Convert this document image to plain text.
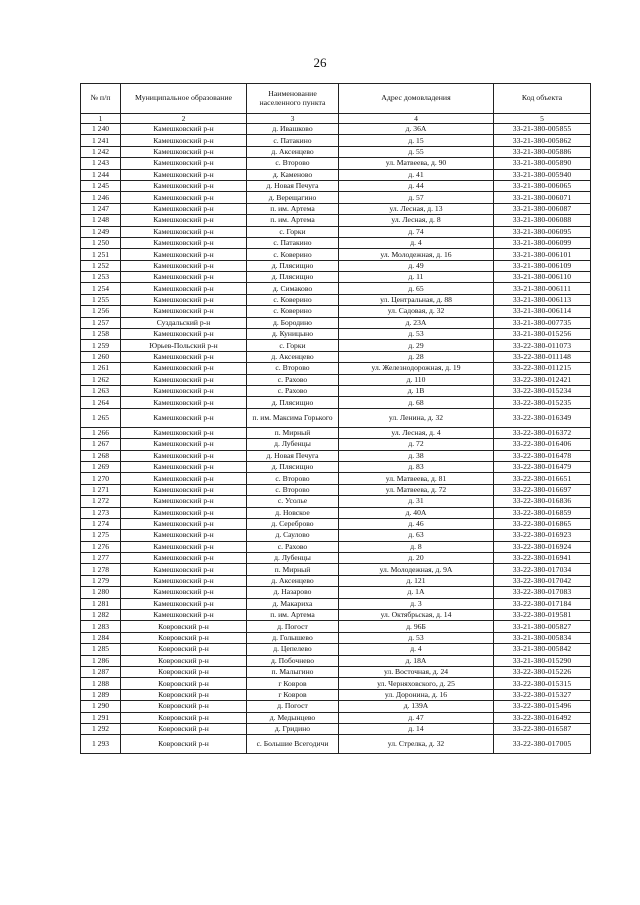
26
№ п/п	Муниципальное образование	Наименование населенного пункта	Адрес домовладения	Код объекта
1	2	3	4	5
1 240	Камешковский р-н	д. Ивашково	д. 36А	33-21-380-005855
1 241	Камешковский р-н	с. Патакино	д. 15	33-21-380-005862
1 242	Камешковский р-н	д. Аксенцево	д. 55	33-21-380-005886
1 243	Камешковский р-н	с. Второво	ул. Матвеева, д. 90	33-21-380-005890
1 244	Камешковский р-н	д. Каменово	д. 41	33-21-380-005940
1 245	Камешковский р-н	д. Новая Печуга	д. 44	33-21-380-006065
1 246	Камешковский р-н	д. Верещагино	д. 57	33-21-380-006071
1 247	Камешковский р-н	п. им. Артема	ул. Лесная, д. 13	33-21-380-006087
1 248	Камешковский р-н	п. им. Артема	ул. Лесная, д. 8	33-21-380-006088
1 249	Камешковский р-н	с. Горки	д. 74	33-21-380-006095
1 250	Камешковский р-н	с. Патакино	д. 4	33-21-380-006099
1 251	Камешковский р-н	с. Коверино	ул. Молодежная, д. 16	33-21-380-006101
1 252	Камешковский р-н	д. Плясищно	д. 49	33-21-380-006109
1 253	Камешковский р-н	д. Плясищно	д. 11	33-21-380-006110
1 254	Камешковский р-н	д. Симаково	д. 65	33-21-380-006111
1 255	Камешковский р-н	с. Коверино	ул. Центральная, д. 88	33-21-380-006113
1 256	Камешковский р-н	с. Коверино	ул. Садовая, д. 32	33-21-380-006114
1 257	Суздальский р-н	д. Бородино	д. 23А	33-21-380-007735
1 258	Камешковский р-н	д. Куницыно	д. 53	33-21-380-015256
1 259	Юрьев-Польский р-н	с. Горки	д. 29	33-22-380-011073
1 260	Камешковский р-н	д. Аксенцево	д. 28	33-22-380-011148
1 261	Камешковский р-н	с. Второво	ул. Железнодорожная, д. 19	33-22-380-011215
1 262	Камешковский р-н	с. Рахово	д. 110	33-22-380-012421
1 263	Камешковский р-н	с. Рахово	д. 1В	33-22-380-015234
1 264	Камешковский р-н	д. Плясищно	д. 68	33-22-380-015235
1 265	Камешковский р-н	п. им. Максима Горького	ул. Ленина, д. 32	33-22-380-016349
1 266	Камешковский р-н	п. Мирный	ул. Лесная, д. 4	33-22-380-016372
1 267	Камешковский р-н	д. Лубенцы	д. 72	33-22-380-016406
1 268	Камешковский р-н	д. Новая Печуга	д. 38	33-22-380-016478
1 269	Камешковский р-н	д. Плясищно	д. 83	33-22-380-016479
1 270	Камешковский р-н	с. Второво	ул. Матвеева, д. 81	33-22-380-016651
1 271	Камешковский р-н	с. Второво	ул. Матвеева, д. 72	33-22-380-016697
1 272	Камешковский р-н	с. Усолье	д. 31	33-22-380-016836
1 273	Камешковский р-н	д. Новское	д. 40А	33-22-380-016859
1 274	Камешковский р-н	д. Сереброво	д. 46	33-22-380-016865
1 275	Камешковский р-н	д. Саулово	д. 63	33-22-380-016923
1 276	Камешковский р-н	с. Рахово	д. 8	33-22-380-016924
1 277	Камешковский р-н	д. Лубенцы	д. 20	33-22-380-016941
1 278	Камешковский р-н	п. Мирный	ул. Молодежная, д. 9А	33-22-380-017034
1 279	Камешковский р-н	д. Аксенцево	д. 121	33-22-380-017042
1 280	Камешковский р-н	д. Назарово	д. 1А	33-22-380-017083
1 281	Камешковский р-н	д. Макариха	д. 3	33-22-380-017184
1 282	Камешковский р-н	п. им. Артема	ул. Октябрьская, д. 14	33-22-380-019581
1 283	Ковровский р-н	д. Погост	д. 96Б	33-21-380-005827
1 284	Ковровский р-н	д. Голышево	д. 53	33-21-380-005834
1 285	Ковровский р-н	д. Цепелево	д. 4	33-21-380-005842
1 286	Ковровский р-н	д. Побочнево	д. 18А	33-21-380-015290
1 287	Ковровский р-н	п. Малыгино	ул. Восточная, д. 24	33-22-380-015226
1 288	Ковровский р-н	г Ковров	ул. Черняховского, д. 25	33-22-380-015315
1 289	Ковровский р-н	г Ковров	ул. Доронина, д. 16	33-22-380-015327
1 290	Ковровский р-н	д. Погост	д. 139А	33-22-380-015496
1 291	Ковровский р-н	д. Медынцево	д. 47	33-22-380-016492
1 292	Ковровский р-н	д. Гридино	д. 14	33-22-380-016587
1 293	Ковровский р-н	с. Большие Всегодичи	ул. Стрелка, д. 32	33-22-380-017005
